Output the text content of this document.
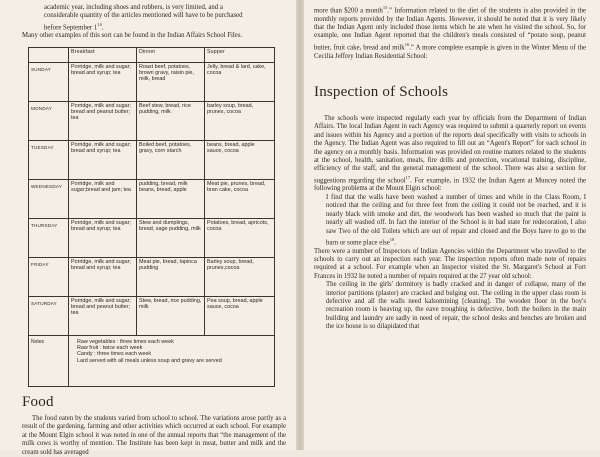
academic year, including shoes and rubbers, is very limited, and a
considerable quantity of the articles mentioned will have to be purchased
before September $1^{14}$.

Many other examples of this sort can be found in the Indian Affairs School Files.

	Breakfast	Dinner	Supper
SUNDAY	Porridge, milk and sugar; bread and syrup; tea	Roast beef, potatoes, brown gravy, raisin pie, milk, bread	Jelly, bread & lard, cake, cocoa
MONDAY	Porridge, milk and sugar; bread and peanut butter; tea	Beef stew, bread, rice pudding, milk	barley soup, bread, prunes, cocoa
TUESDAY	Porridge, milk and sugar; bread and syrup; tea	Boiled beef, potatoes, gravy, corn starch	beans, bread, apple sauce, cocoa
WEDNESDAY	Porridge, milk and sugar;bread and jam; tea	pudding, bread, milk beans, bread, apple	Meat pie, prunes, bread, bran cake, cocoa
THURSDAY	Porridge, milk and sugar; bread and syrup; tea	Stew and dumplings, bread, sage pudding, milk	Potatoes, bread, apricots, cocoa
FRIDAY	Porridge, milk and sugar; bread and syrup; tea	Meat pie, bread, tapioca pudding	Barley soup, bread, prunes,cocoa
SATURDAY	Porridge, milk and sugar; bread and peanut butter; tea	Stew, bread, rice pudding, milk	Pea soup, bread, apple sauce, cocoa
Notes	Raw vegetables : three times each week
Raw fruit : twice each week
Candy : three times each week
Lard served with all meals unless soup and gravy are served		
Food

The food eaten by the students varied from school to school. The variations arose partly as a result of the gardening, farming and other activities which occurred at each school. For example at the Mount Elgin school it was noted in one of the annual reports that “the management of the milk cows is worthy of mention. The Institute has been kept in meat, butter and milk and the cream sold has averaged

more than $200 a month$^{15}$.” Information related to the diet of the students is also provided in the monthly reports provided by the Indian Agents. However, it should be noted that it is very likely that the Indian Agent only included those items which he ate when he visited the school. So, for example, one Indian Agent reported that the children's meals consisted of “potato soup, peanut butter, fruit cake, bread and milk$^{16}$.” A more complete example is given in the Winter Menu of the Cecilia Jeffrey Indian Residential School:

Inspection of Schools

The schools were inspected regularly each year by officials from the Department of Indian Affairs. The local Indian Agent in each Agency was required to submit a quarterly report on events and issues within his Agency and a portion of the reports deal specifically with visits to schools in the Agency. The Indian Agent was also required to fill out an “Agent's Report” for each school in the agency on a monthly basis. Information was provided on routine matters related to the students at the school, health, sanitation, meals, fire drills and protection, vocational training, discipline, efficiency of the staff, and the general management of the school. There was also a section for suggestions regarding the school$^{17}$. For example, in 1932 the Indian Agent at Muncey noted the following problems at the Mount Elgin school:

I find that the walls have been washed a number of times and while in the Class Room, I noticed that the ceiling and for three feet from the ceiling it could not be reached, and it is nearly black with smoke and dirt, the woodwork has been washed so much that the paint is nearly all washed off. In fact the interior of the School is in bad state for redecoration, I also saw Two of the old Toilets which are out of repair and closed and the Boys have to go to the barn or some place else$^{18}$.

There were a number of Inspectors of Indian Agencies within the Department who travelled to the schools to carry out an inspection each year. The inspection reports often made note of repairs required at a school. For example when an Inspector visited the St. Margaret's School at Fort Frances in 1932 he noted a number of repairs required at the 27 year old school:

The ceiling in the girls' dormitory is badly cracked and in danger of collapse, many of the interior partitions (plaster) are cracked and bulging out. The ceiling in the upper class room is defective and all the walls need kalsomining [cleaning]. The wooden floor in the boy's recreation room is heaving up, the eave troughing is defective, both the boilers in the main building and laundry are sadly in need of repair, the school desks and benches are broken and the ice house is so dilapidated that
